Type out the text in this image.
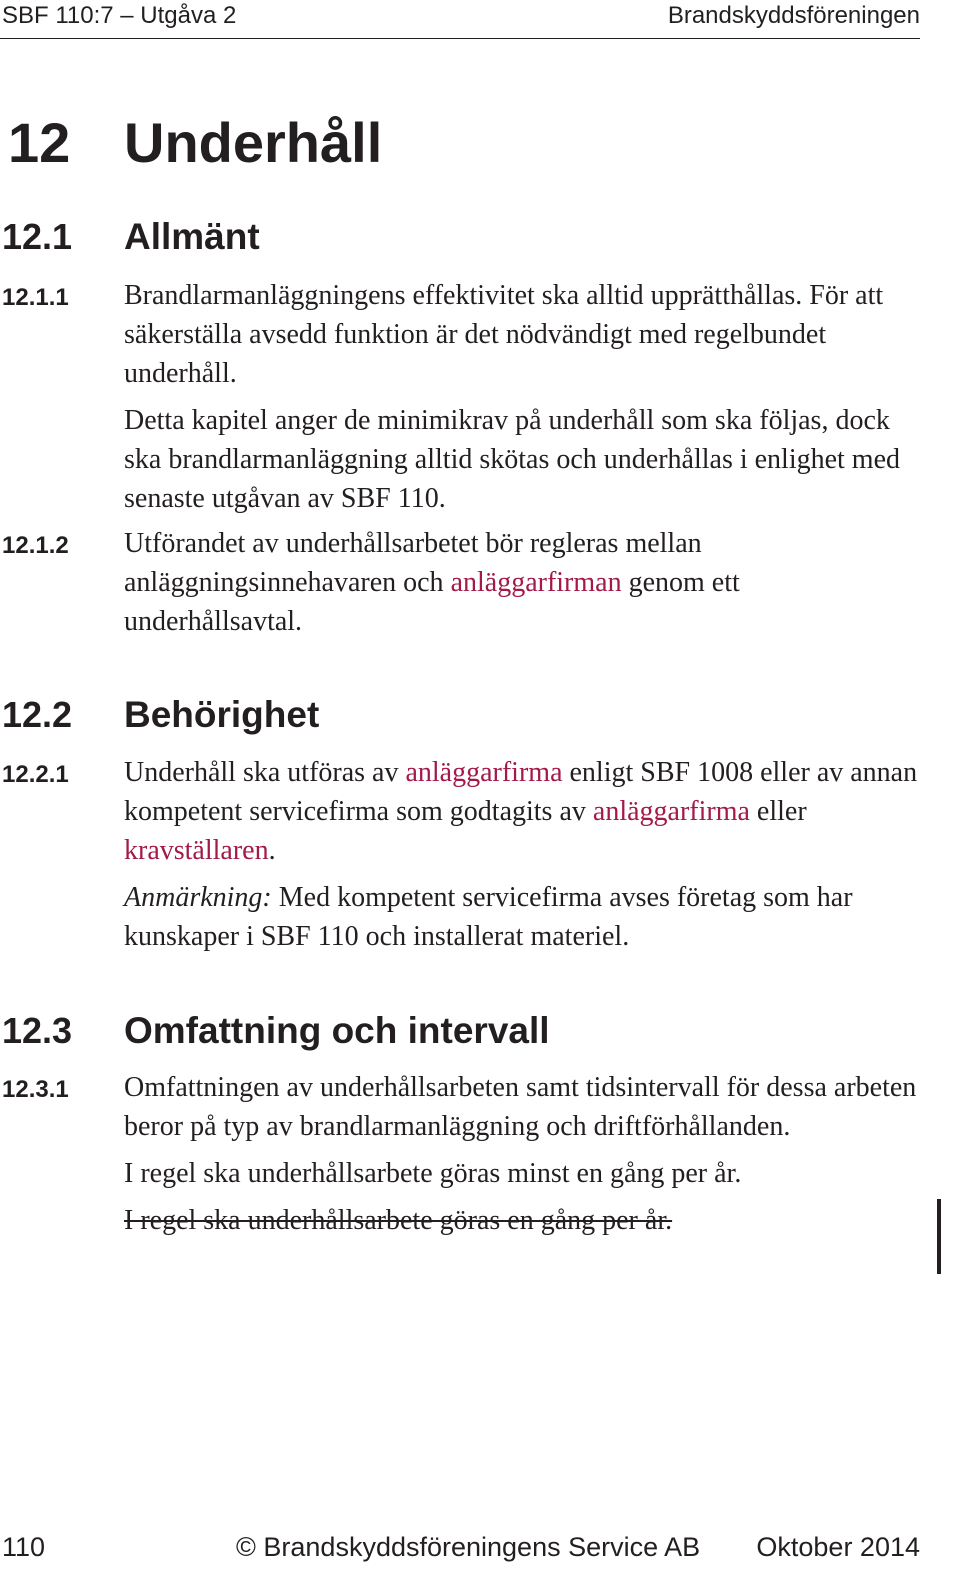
SBF 110:7 – Utgåva 2	Brandskyddsföreningen
12 Underhåll
12.1 Allmänt
12.1.1 Brandlarmanläggningens effektivitet ska alltid upprätthållas. För att säkerställa avsedd funktion är det nödvändigt med regelbundet underhåll.

Detta kapitel anger de minimikrav på underhåll som ska följas, dock ska brandlarmanläggning alltid skötas och underhållas i enlighet med senaste utgåvan av SBF 110.

12.1.2 Utförandet av underhållsarbetet bör regleras mellan anläggningsinnehavaren och anläggarfirman genom ett underhållsavtal.

12.2 Behörighet
12.2.1 Underhåll ska utföras av anläggarfirma enligt SBF 1008 eller av annan kompetent servicefirma som godtagits av anläggarfirma eller kravställaren.

Anmärkning: Med kompetent servicefirma avses företag som har kunskaper i SBF 110 och installerat materiel.

12.3 Omfattning och intervall
12.3.1 Omfattningen av underhållsarbeten samt tidsintervall för dessa arbeten beror på typ av brandlarmanläggning och driftförhållanden.

I regel ska underhållsarbete göras minst en gång per år.

I regel ska underhållsarbete göras en gång per år.

110	© Brandskyddsföreningens Service AB Oktober 2014
